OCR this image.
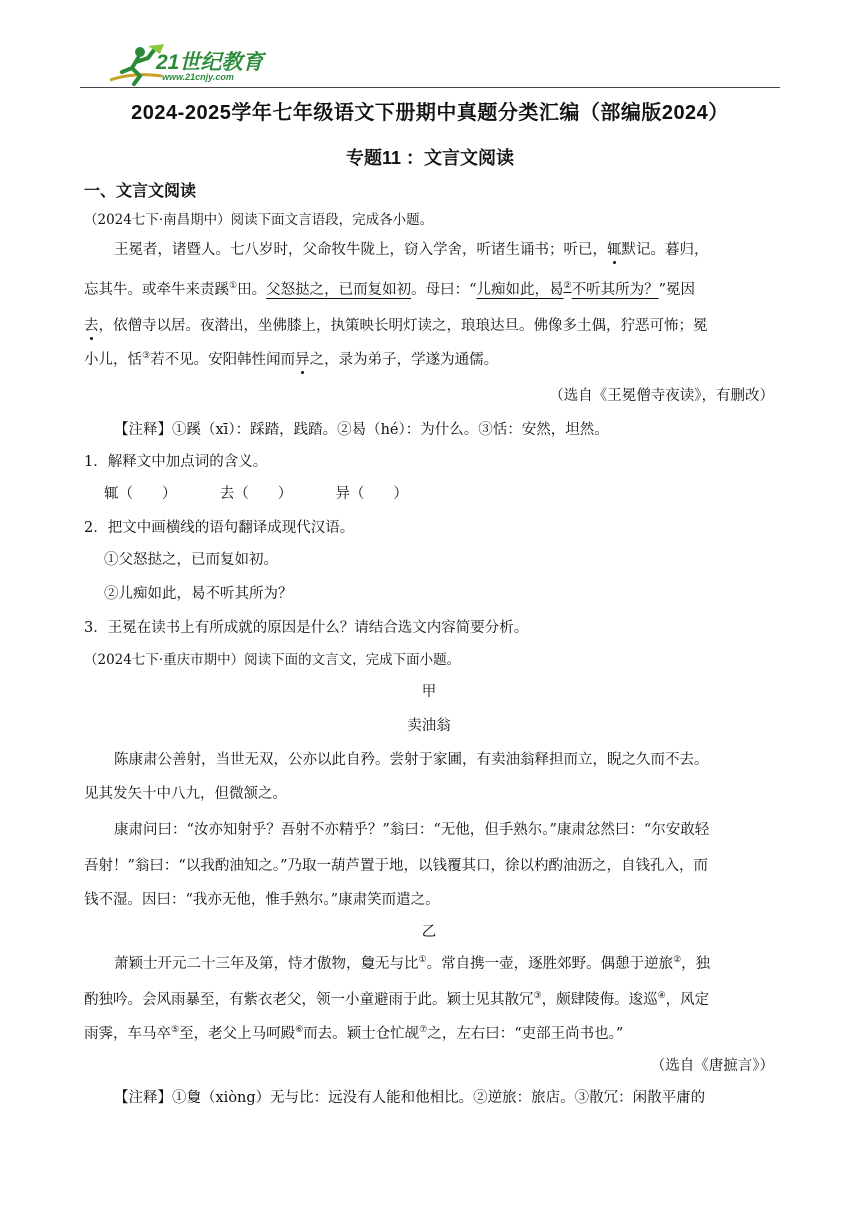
21世纪教育
www.21cnjy.com
2024-2025学年七年级语文下册期中真题分类汇编（部编版2024）
专题11 ：文言文阅读
一、文言文阅读
（2024七下·南昌期中）阅读下面文言语段，完成各小题。
王冕者，诸暨人。七八岁时，父命牧牛陇上，窃入学舍，听诸生诵书；听已，辄默记。暮归，
忘其牛。或牵牛来责蹊①田。父怒挞之，已而复如初。母曰：“儿痴如此，曷②不听其所为？”冕因
去，依僧寺以居。夜潜出，坐佛膝上，执策映长明灯读之，琅琅达旦。佛像多土偶，狞恶可怖；冕
小儿，恬③若不见。安阳韩性闻而异之，录为弟子，学遂为通儒。
（选自《王冕僧寺夜读》，有删改）
【注释】①蹊（xī）：踩踏，践踏。②曷（hé）：为什么。③恬：安然，坦然。
1．解释文中加点词的含义。
辄（　　）	去（　　）	异（　　）
2．把文中画横线的语句翻译成现代汉语。
①父怒挞之，已而复如初。
②儿痴如此，曷不听其所为？
3．王冕在读书上有所成就的原因是什么？请结合选文内容简要分析。
（2024七下·重庆市期中）阅读下面的文言文，完成下面小题。
甲
卖油翁
陈康肃公善射，当世无双，公亦以此自矜。尝射于家圃，有卖油翁释担而立，睨之久而不去。
见其发矢十中八九，但微颔之。
康肃问曰：“汝亦知射乎？吾射不亦精乎？”翁曰：“无他，但手熟尔。”康肃忿然曰：“尔安敢轻
吾射！”翁曰：“以我酌油知之。”乃取一葫芦置于地，以钱覆其口，徐以杓酌油沥之，自钱孔入，而
钱不湿。因曰：“我亦无他，惟手熟尔。”康肃笑而遣之。
乙
萧颖士开元二十三年及第，恃才傲物，敻无与比①。常自携一壶，逐胜郊野。偶憩于逆旅②，独
酌独吟。会风雨暴至，有紫衣老父，领一小童避雨于此。颖士见其散冗③，颇肆陵侮。逡巡④，风定
雨霁，车马卒⑤至，老父上马呵殿⑥而去。颖士仓忙觇⑦之，左右曰：“吏部王尚书也。”
（选自《唐摭言》）
【注释】①敻（xiòng）无与比：远没有人能和他相比。②逆旅：旅店。③散冗：闲散平庸的
